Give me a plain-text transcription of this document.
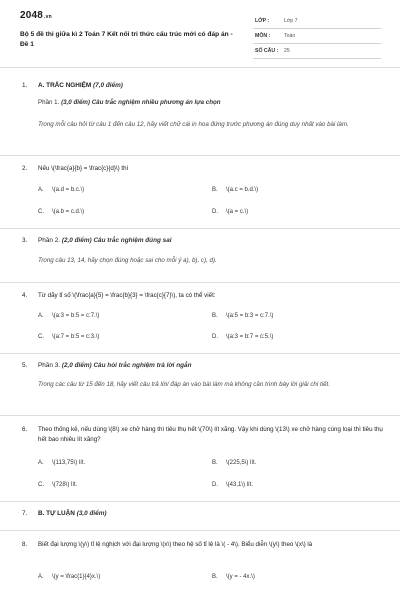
2048.vn
Bộ 5 đề thi giữa kì 2 Toán 7 Kết nối tri thức cấu trúc mới có đáp án - Đề 1
LỚP :	Lớp 7
MÔN :	Toán
SỐ CÂU : 25
1. A. TRẮC NGHIỆM (7,0 điểm)
Phần 1. (3,0 điểm) Câu trắc nghiệm nhiều phương án lựa chọn
Trong mỗi câu hỏi từ câu 1 đến câu 12, hãy viết chữ cái in hoa đứng trước phương án đúng duy nhất vào bài làm.
2. Nếu \(\frac{a}{b} = \frac{c}{d}\) thì
A. \(a.d = b.c.\)	B. \(a.c = b.d.\)
C. \(a.b = c.d.\)	D. \(a = c.\)
3. Phần 2. (2,0 điểm) Câu trắc nghiệm đúng sai
Trong câu 13, 14, hãy chọn đúng hoặc sai cho mỗi ý a), b), c), d).
4. Từ dãy tỉ số \(\frac{a}{5} = \frac{b}{3} = \frac{c}{7}\), ta có thể viết:
A. \(a:3 = b:5 = c:7.\)	B. \(a:5 = b:3 = c:7.\)
C. \(a:7 = b:5 = c:3.\)	D. \(a:3 = b:7 = c:5.\)
5. Phần 3. (2,0 điểm) Câu hỏi trắc nghiệm trả lời ngắn
Trong các câu từ 15 đến 18, hãy viết câu trả lời/ đáp án vào bài làm mà không cần trình bày lời giải chi tiết.
6. Theo thống kê, nếu dùng \(8\) xe chở hàng thì tiêu thụ hết \(70\) lít xăng. Vậy khi dùng \(13\) xe chở hàng cùng loại thì tiêu thụ hết bao nhiêu lít xăng?
A. \(113,75\) lít.	B. \(225,5\) lít.
C. \(728\) lít.	D. \(43,1\) lít.
7. B. TỰ LUẬN (3,0 điểm)
8. Biết đại lượng \(y\) tỉ lệ nghịch với đại lượng \(x\) theo hệ số tỉ lệ là \( - 4\). Biểu diễn \(y\) theo \(x\) là
A. \(y = \frac{1}{4}x.\)	B. \(y = - 4x.\)
